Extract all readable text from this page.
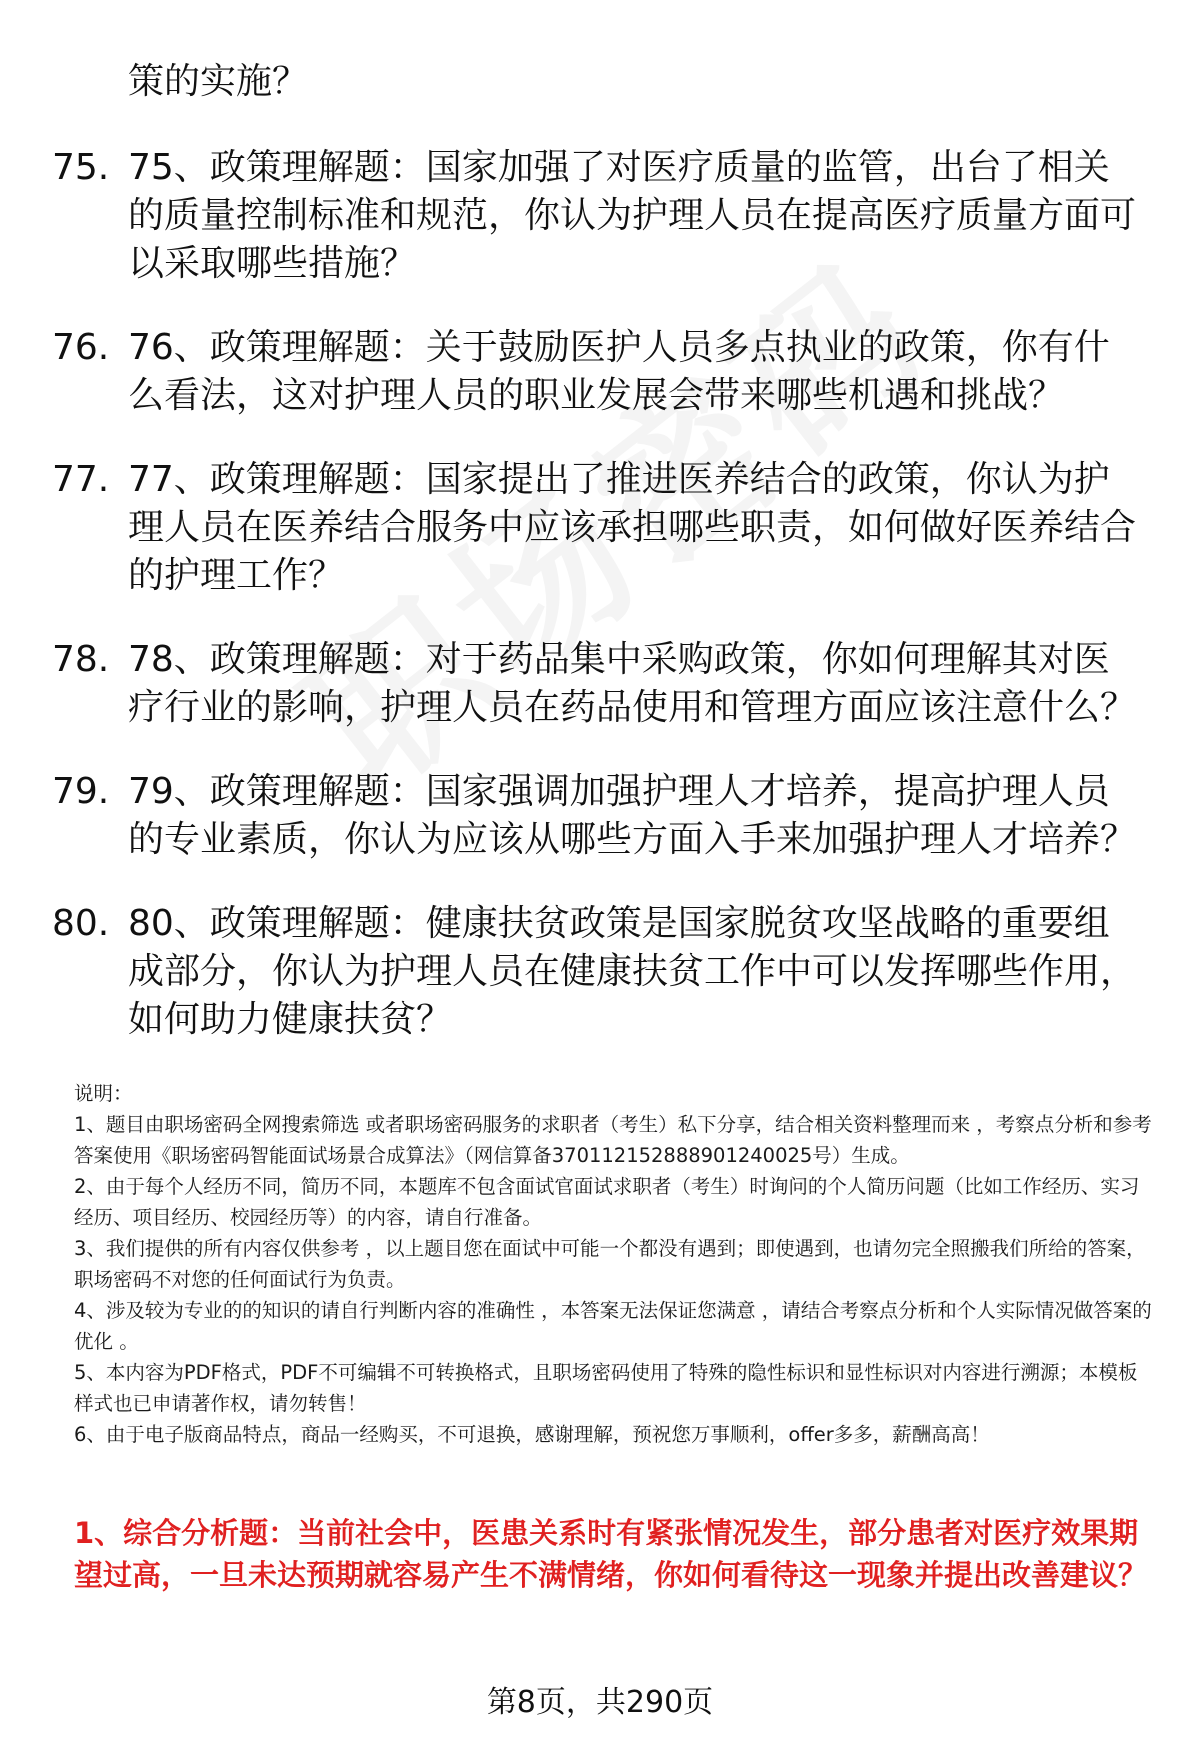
策的实施？
75. 75、政策理解题：国家加强了对医疗质量的监管，出台了相关的质量控制标准和规范，你认为护理人员在提高医疗质量方面可以采取哪些措施？
76. 76、政策理解题：关于鼓励医护人员多点执业的政策，你有什么看法，这对护理人员的职业发展会带来哪些机遇和挑战？
77. 77、政策理解题：国家提出了推进医养结合的政策，你认为护理人员在医养结合服务中应该承担哪些职责，如何做好医养结合的护理工作？
78. 78、政策理解题：对于药品集中采购政策，你如何理解其对医疗行业的影响，护理人员在药品使用和管理方面应该注意什么？
79. 79、政策理解题：国家强调加强护理人才培养，提高护理人员的专业素质，你认为应该从哪些方面入手来加强护理人才培养？
80. 80、政策理解题：健康扶贫政策是国家脱贫攻坚战略的重要组成部分，你认为护理人员在健康扶贫工作中可以发挥哪些作用，如何助力健康扶贫？

说明：

1、题目由职场密码全网搜索筛选 或者职场密码服务的求职者（考生）私下分享，结合相关资料整理而来 ，考察点分析和参考答案使用《职场密码智能面试场景合成算法》（网信算备370112152888901240025号）生成。

2、由于每个人经历不同，简历不同，本题库不包含面试官面试求职者（考生）时询问的个人简历问题（比如工作经历、实习经历、项目经历、校园经历等）的内容，请自行准备。

3、我们提供的所有内容仅供参考 ，以上题目您在面试中可能一个都没有遇到；即使遇到，也请勿完全照搬我们所给的答案，职场密码不对您的任何面试行为负责。

4、涉及较为专业的的知识的请自行判断内容的准确性 ，本答案无法保证您满意 ，请结合考察点分析和个人实际情况做答案的优化 。

5、本内容为PDF格式，PDF不可编辑不可转换格式，且职场密码使用了特殊的隐性标识和显性标识对内容进行溯源；本模板样式也已申请著作权，请勿转售！

6、由于电子版商品特点，商品一经购买，不可退换，感谢理解，预祝您万事顺利，offer多多，薪酬高高！

1、综合分析题：当前社会中，医患关系时有紧张情况发生，部分患者对医疗效果期望过高，一旦未达预期就容易产生不满情绪，你如何看待这一现象并提出改善建议？
第8页，共290页
